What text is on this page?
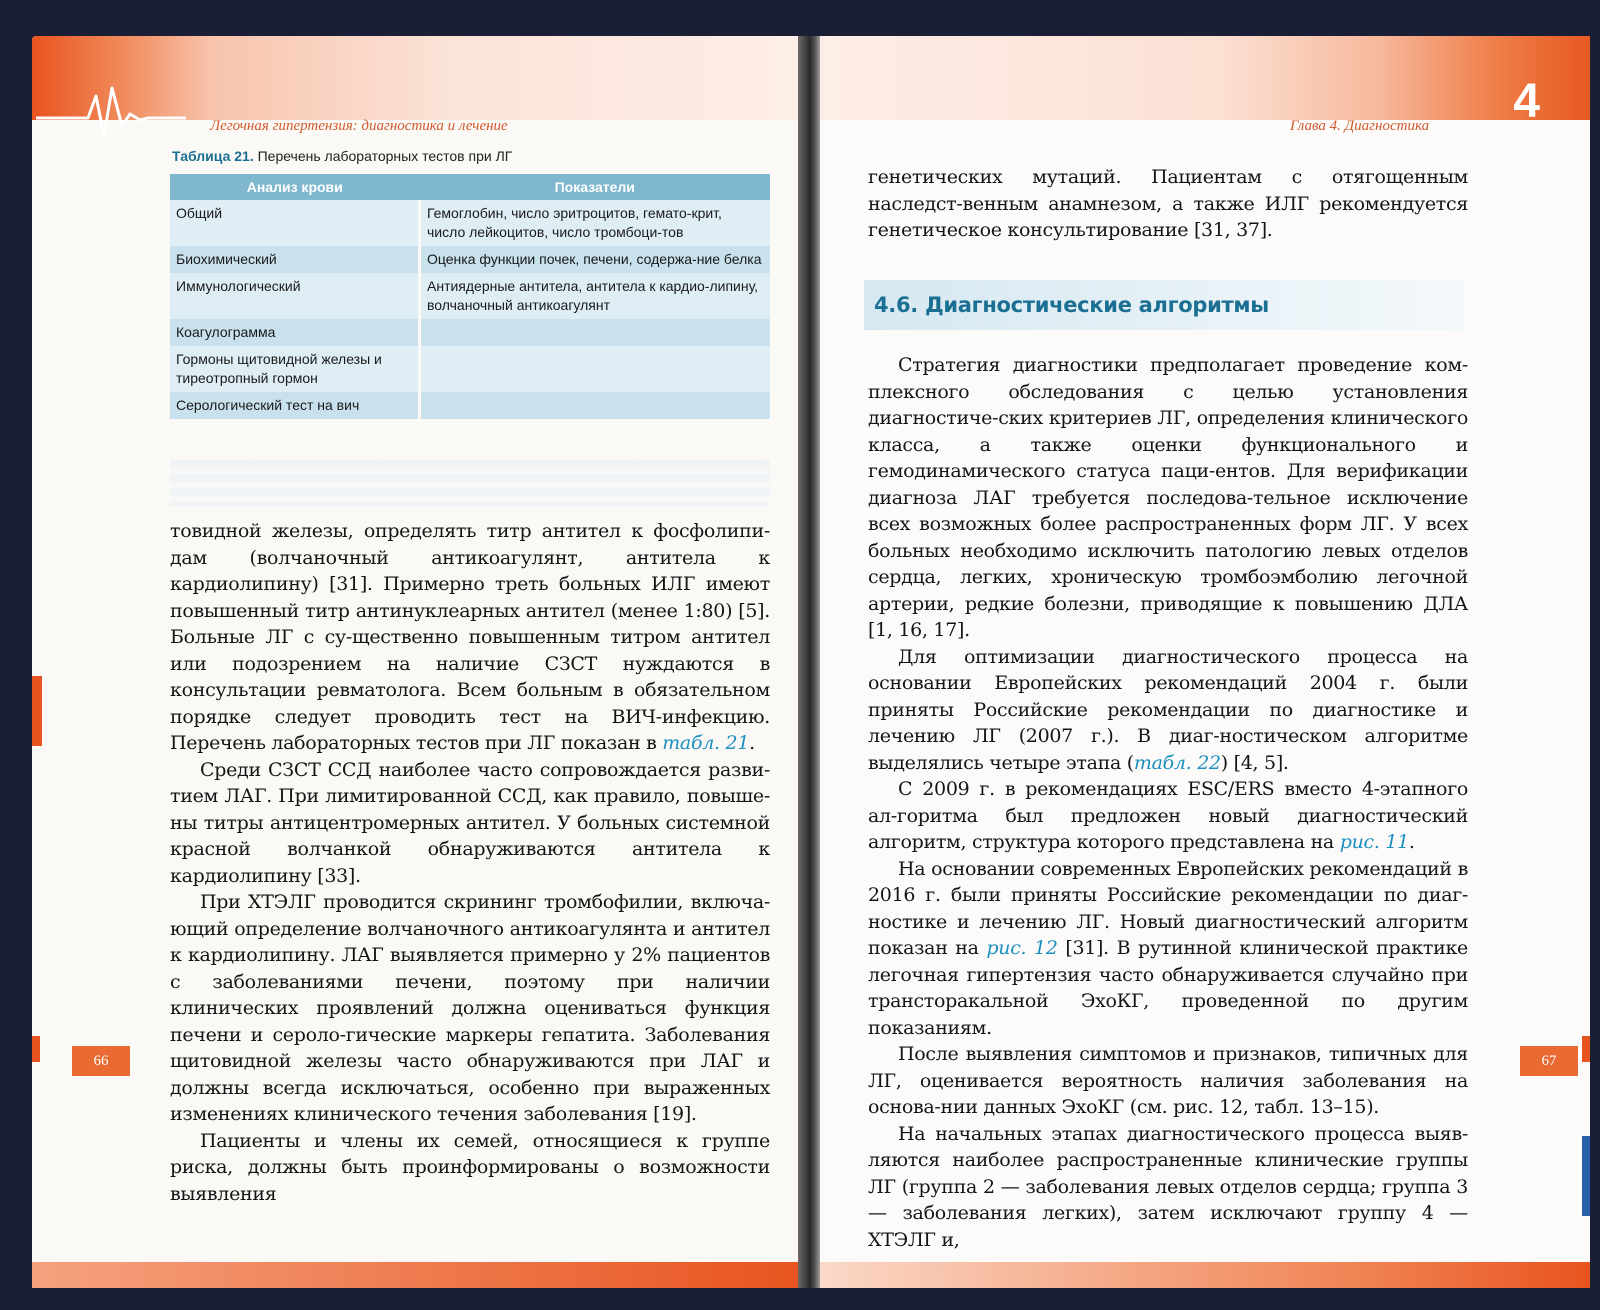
Легочная гипертензия: диагностика и лечение
Таблица 21. Перечень лабораторных тестов при ЛГ
Анализ крови	Показатели
Общий	Гемоглобин, число эритроцитов, гемато-крит, число лейкоцитов, число тромбоци-тов
Биохимический	Оценка функции почек, печени, содержа-ние белка
Иммунологический	Антиядерные антитела, антитела к кардио-липину, волчаночный антикоагулянт
Коагулограмма	
Гормоны щитовидной железы и тиреотропный гормон	
Серологический тест на вич	

товидной железы, определять титр антител к фосфолипи-дам (волчаночный антикоагулянт, антитела к кардиолипину) [31]. Примерно треть больных ИЛГ имеют повышенный титр антинуклеарных антител (менее 1:80) [5]. Больные ЛГ с су-щественно повышенным титром антител или подозрением на наличие СЗСТ нуждаются в консультации ревматолога. Всем больным в обязательном порядке следует проводить тест на ВИЧ-инфекцию. Перечень лабораторных тестов при ЛГ показан в табл. 21.

Среди СЗСТ ССД наиболее часто сопровождается разви-тием ЛАГ. При лимитированной ССД, как правило, повыше-ны титры антицентромерных антител. У больных системной красной волчанкой обнаруживаются антитела к кардиолипину [33].

При ХТЭЛГ проводится скрининг тромбофилии, включа-ющий определение волчаночного антикоагулянта и антител к кардиолипину. ЛАГ выявляется примерно у 2% пациентов с заболеваниями печени, поэтому при наличии клинических проявлений должна оцениваться функция печени и сероло-гические маркеры гепатита. Заболевания щитовидной железы часто обнаруживаются при ЛАГ и должны всегда исключаться, особенно при выраженных изменениях клинического течения заболевания [19].

Пациенты и члены их семей, относящиеся к группе риска, должны быть проинформированы о возможности выявления

66
Глава 4. Диагностика 4

генетических мутаций. Пациентам с отягощенным наследст-венным анамнезом, а также ИЛГ рекомендуется генетическое консультирование [31, 37].

4.6. Диагностические алгоритмы

Стратегия диагностики предполагает проведение ком-плексного обследования с целью установления диагностиче-ских критериев ЛГ, определения клинического класса, а также оценки функционального и гемодинамического статуса паци-ентов. Для верификации диагноза ЛАГ требуется последова-тельное исключение всех возможных более распространенных форм ЛГ. У всех больных необходимо исключить патологию левых отделов сердца, легких, хроническую тромбоэмболию легочной артерии, редкие болезни, приводящие к повышению ДЛА [1, 16, 17].

Для оптимизации диагностического процесса на основании Европейских рекомендаций 2004 г. были приняты Российские рекомендации по диагностике и лечению ЛГ (2007 г.). В диаг-ностическом алгоритме выделялись четыре этапа (табл. 22) [4, 5].

С 2009 г. в рекомендациях ESC/ERS вместо 4-этапного ал-горитма был предложен новый диагностический алгоритм, структура которого представлена на рис. 11.

На основании современных Европейских рекомендаций в 2016 г. были приняты Российские рекомендации по диаг-ностике и лечению ЛГ. Новый диагностический алгоритм показан на рис. 12 [31]. В рутинной клинической практике легочная гипертензия часто обнаруживается случайно при трансторакальной ЭхоКГ, проведенной по другим показаниям.

После выявления симптомов и признаков, типичных для ЛГ, оценивается вероятность наличия заболевания на основа-нии данных ЭхоКГ (см. рис. 12, табл. 13–15).

На начальных этапах диагностического процесса выяв-ляются наиболее распространенные клинические группы ЛГ (группа 2 — заболевания левых отделов сердца; группа 3 — заболевания легких), затем исключают группу 4 — ХТЭЛГ и,

67
